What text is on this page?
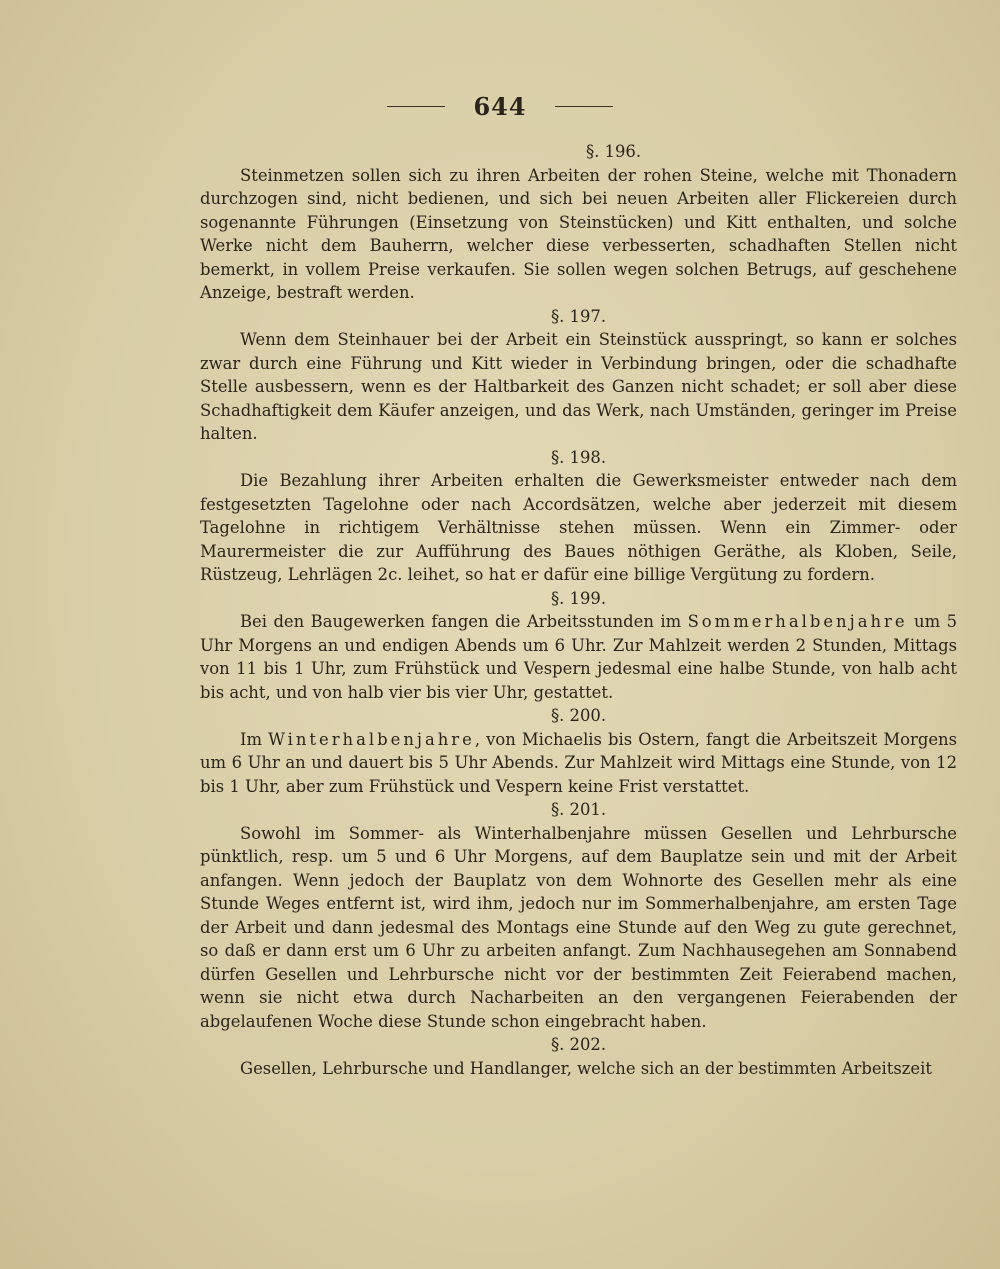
644

§. 196.

Steinmetzen sollen sich zu ihren Arbeiten der rohen Steine, welche mit Thonadern durchzogen sind, nicht bedienen, und sich bei neuen Arbeiten aller Flickereien durch sogenannte Führungen (Einsetzung von Steinstücken) und Kitt enthalten, und solche Werke nicht dem Bauherrn, welcher diese verbesserten, schadhaften Stellen nicht bemerkt, in vollem Preise verkaufen. Sie sollen wegen solchen Betrugs, auf geschehene Anzeige, bestraft werden.

§. 197.

Wenn dem Steinhauer bei der Arbeit ein Steinstück ausspringt, so kann er solches zwar durch eine Führung und Kitt wieder in Verbindung bringen, oder die schadhafte Stelle ausbessern, wenn es der Haltbarkeit des Ganzen nicht schadet; er soll aber diese Schadhaftigkeit dem Käufer anzeigen, und das Werk, nach Umständen, geringer im Preise halten.

§. 198.

Die Bezahlung ihrer Arbeiten erhalten die Gewerksmeister entweder nach dem festgesetzten Tagelohne oder nach Accordsätzen, welche aber jederzeit mit diesem Tagelohne in richtigem Verhältnisse stehen müssen. Wenn ein Zimmer- oder Maurermeister die zur Aufführung des Baues nöthigen Geräthe, als Kloben, Seile, Rüstzeug, Lehrlägen 2c. leihet, so hat er dafür eine billige Vergütung zu fordern.

§. 199.

Bei den Baugewerken fangen die Arbeitsstunden im Sommerhalbenjahre um 5 Uhr Morgens an und endigen Abends um 6 Uhr. Zur Mahlzeit werden 2 Stunden, Mittags von 11 bis 1 Uhr, zum Frühstück und Vespern jedesmal eine halbe Stunde, von halb acht bis acht, und von halb vier bis vier Uhr, gestattet.

§. 200.

Im Winterhalbenjahre, von Michaelis bis Ostern, fangt die Arbeitszeit Morgens um 6 Uhr an und dauert bis 5 Uhr Abends. Zur Mahlzeit wird Mittags eine Stunde, von 12 bis 1 Uhr, aber zum Frühstück und Vespern keine Frist verstattet.

§. 201.

Sowohl im Sommer- als Winterhalbenjahre müssen Gesellen und Lehrbursche pünktlich, resp. um 5 und 6 Uhr Morgens, auf dem Bauplatze sein und mit der Arbeit anfangen. Wenn jedoch der Bauplatz von dem Wohnorte des Gesellen mehr als eine Stunde Weges entfernt ist, wird ihm, jedoch nur im Sommerhalbenjahre, am ersten Tage der Arbeit und dann jedesmal des Montags eine Stunde auf den Weg zu gute gerechnet, so daß er dann erst um 6 Uhr zu arbeiten anfangt. Zum Nachhausegehen am Sonnabend dürfen Gesellen und Lehrbursche nicht vor der bestimmten Zeit Feierabend machen, wenn sie nicht etwa durch Nacharbeiten an den vergangenen Feierabenden der abgelaufenen Woche diese Stunde schon eingebracht haben.

§. 202.

Gesellen, Lehrbursche und Handlanger, welche sich an der bestimmten Arbeitszeit
